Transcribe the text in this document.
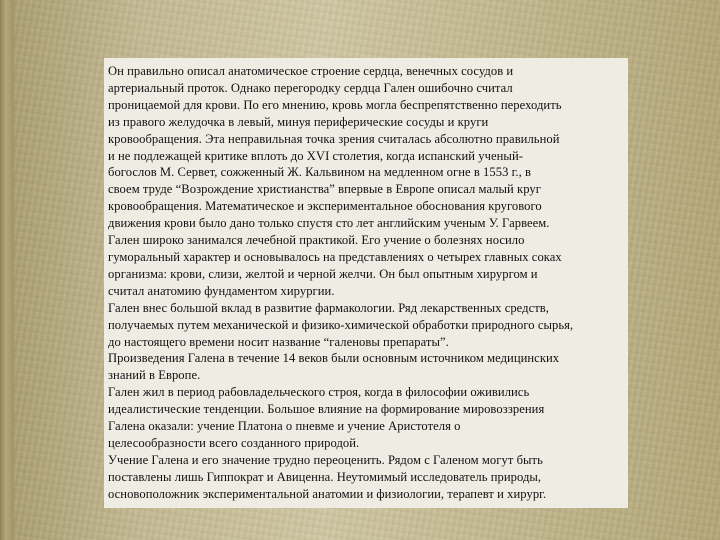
Он правильно описал анатомическое строение сердца, венечных сосудов и
артериальный проток. Однако перегородку сердца Гален ошибочно считал
проницаемой для крови. По его мнению, кровь могла беспрепятственно переходить
из правого желудочка в левый, минуя периферические сосуды и круги
кровообращения. Эта неправильная точка зрения считалась абсолютно правильной
и не подлежащей критике вплоть до XVI столетия, когда испанский ученый-
богослов М. Сервет, сожженный Ж. Кальвином на медленном огне в 1553 г., в
своем труде “Возрождение христианства” впервые в Европе описал малый круг
кровообращения. Математическое и экспериментальное обоснования кругового
движения крови было дано только спустя сто лет английским ученым У. Гарвеем.
Гален широко занимался лечебной практикой. Его учение о болезнях носило
гуморальный характер и основывалось на представлениях о четырех главных соках
организма: крови, слизи, желтой и черной желчи. Он был опытным хирургом и
считал анатомию фундаментом хирургии.
Гален внес большой вклад в развитие фармакологии. Ряд лекарственных средств,
получаемых путем механической и физико-химической обработки природного сырья,
до настоящего времени носит название “галеновы препараты”.
Произведения Галена в течение 14 веков были основным источником медицинских
знаний в Европе.
Гален жил в период рабовладельческого строя, когда в философии оживились
идеалистические тенденции. Большое влияние на формирование мировоззрения
Галена оказали: учение Платона о пневме и учение Аристотеля о
целесообразности всего созданного природой.
Учение Галена и его значение трудно переоценить. Рядом с Галеном могут быть
поставлены лишь Гиппократ и Авиценна. Неутомимый исследователь природы,
основоположник экспериментальной анатомии и физиологии, терапевт и хирург.
